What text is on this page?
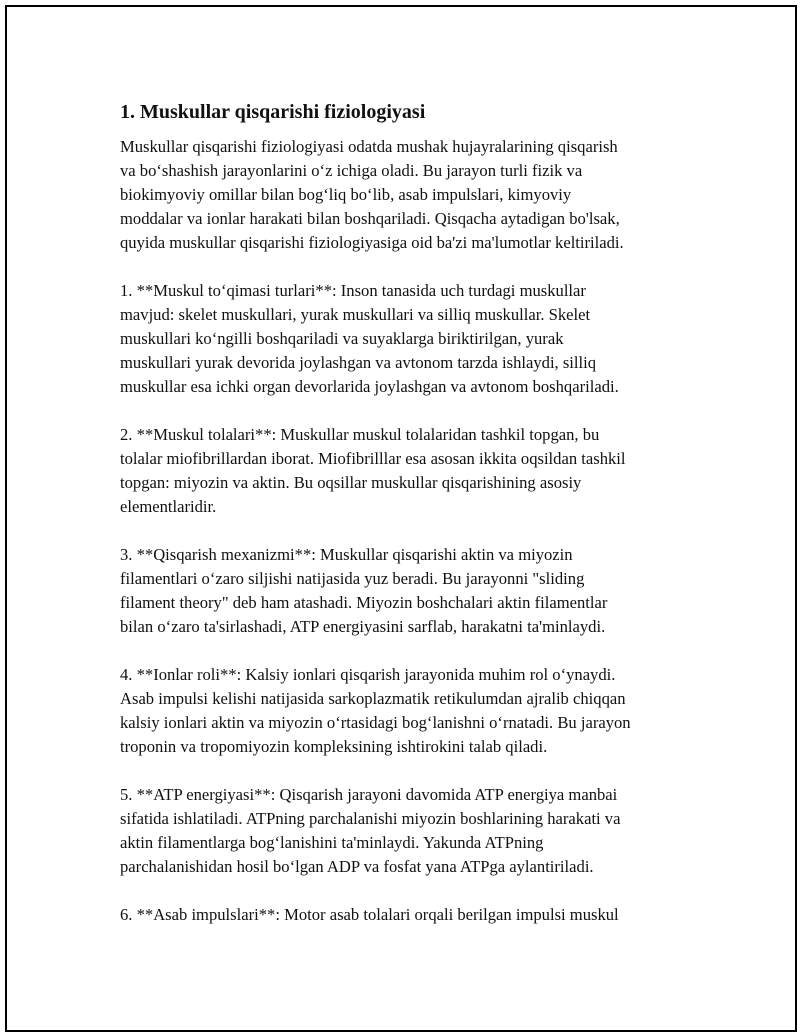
1. Muskullar qisqarishi fiziologiyasi
Muskullar qisqarishi fiziologiyasi odatda mushak hujayralarining qisqarish
va bo‘shashish jarayonlarini o‘z ichiga oladi. Bu jarayon turli fizik va
biokimyoviy omillar bilan bog‘liq bo‘lib, asab impulslari, kimyoviy
moddalar va ionlar harakati bilan boshqariladi. Qisqacha aytadigan bo'lsak,
quyida muskullar qisqarishi fiziologiyasiga oid ba'zi ma'lumotlar keltiriladi.
1. **Muskul to‘qimasi turlari**: Inson tanasida uch turdagi muskullar
mavjud: skelet muskullari, yurak muskullari va silliq muskullar. Skelet
muskullari ko‘ngilli boshqariladi va suyaklarga biriktirilgan, yurak
muskullari yurak devorida joylashgan va avtonom tarzda ishlaydi, silliq
muskullar esa ichki organ devorlarida joylashgan va avtonom boshqariladi.
2. **Muskul tolalari**: Muskullar muskul tolalaridan tashkil topgan, bu
tolalar miofibrillardan iborat. Miofibrilllar esa asosan ikkita oqsildan tashkil
topgan: miyozin va aktin. Bu oqsillar muskullar qisqarishining asosiy
elementlaridir.
3. **Qisqarish mexanizmi**: Muskullar qisqarishi aktin va miyozin
filamentlari o‘zaro siljishi natijasida yuz beradi. Bu jarayonni "sliding
filament theory" deb ham atashadi. Miyozin boshchalari aktin filamentlar
bilan o‘zaro ta'sirlashadi, ATP energiyasini sarflab, harakatni ta'minlaydi.
4. **Ionlar roli**: Kalsiy ionlari qisqarish jarayonida muhim rol o‘ynaydi.
Asab impulsi kelishi natijasida sarkoplazmatik retikulumdan ajralib chiqqan
kalsiy ionlari aktin va miyozin o‘rtasidagi bog‘lanishni o‘rnatadi. Bu jarayon
troponin va tropomiyozin kompleksining ishtirokini talab qiladi.
5. **ATP energiyasi**: Qisqarish jarayoni davomida ATP energiya manbai
sifatida ishlatiladi. ATPning parchalanishi miyozin boshlarining harakati va
aktin filamentlarga bog‘lanishini ta'minlaydi. Yakunda ATPning
parchalanishidan hosil bo‘lgan ADP va fosfat yana ATPga aylantiriladi.
6. **Asab impulslari**: Motor asab tolalari orqali berilgan impulsi muskul
